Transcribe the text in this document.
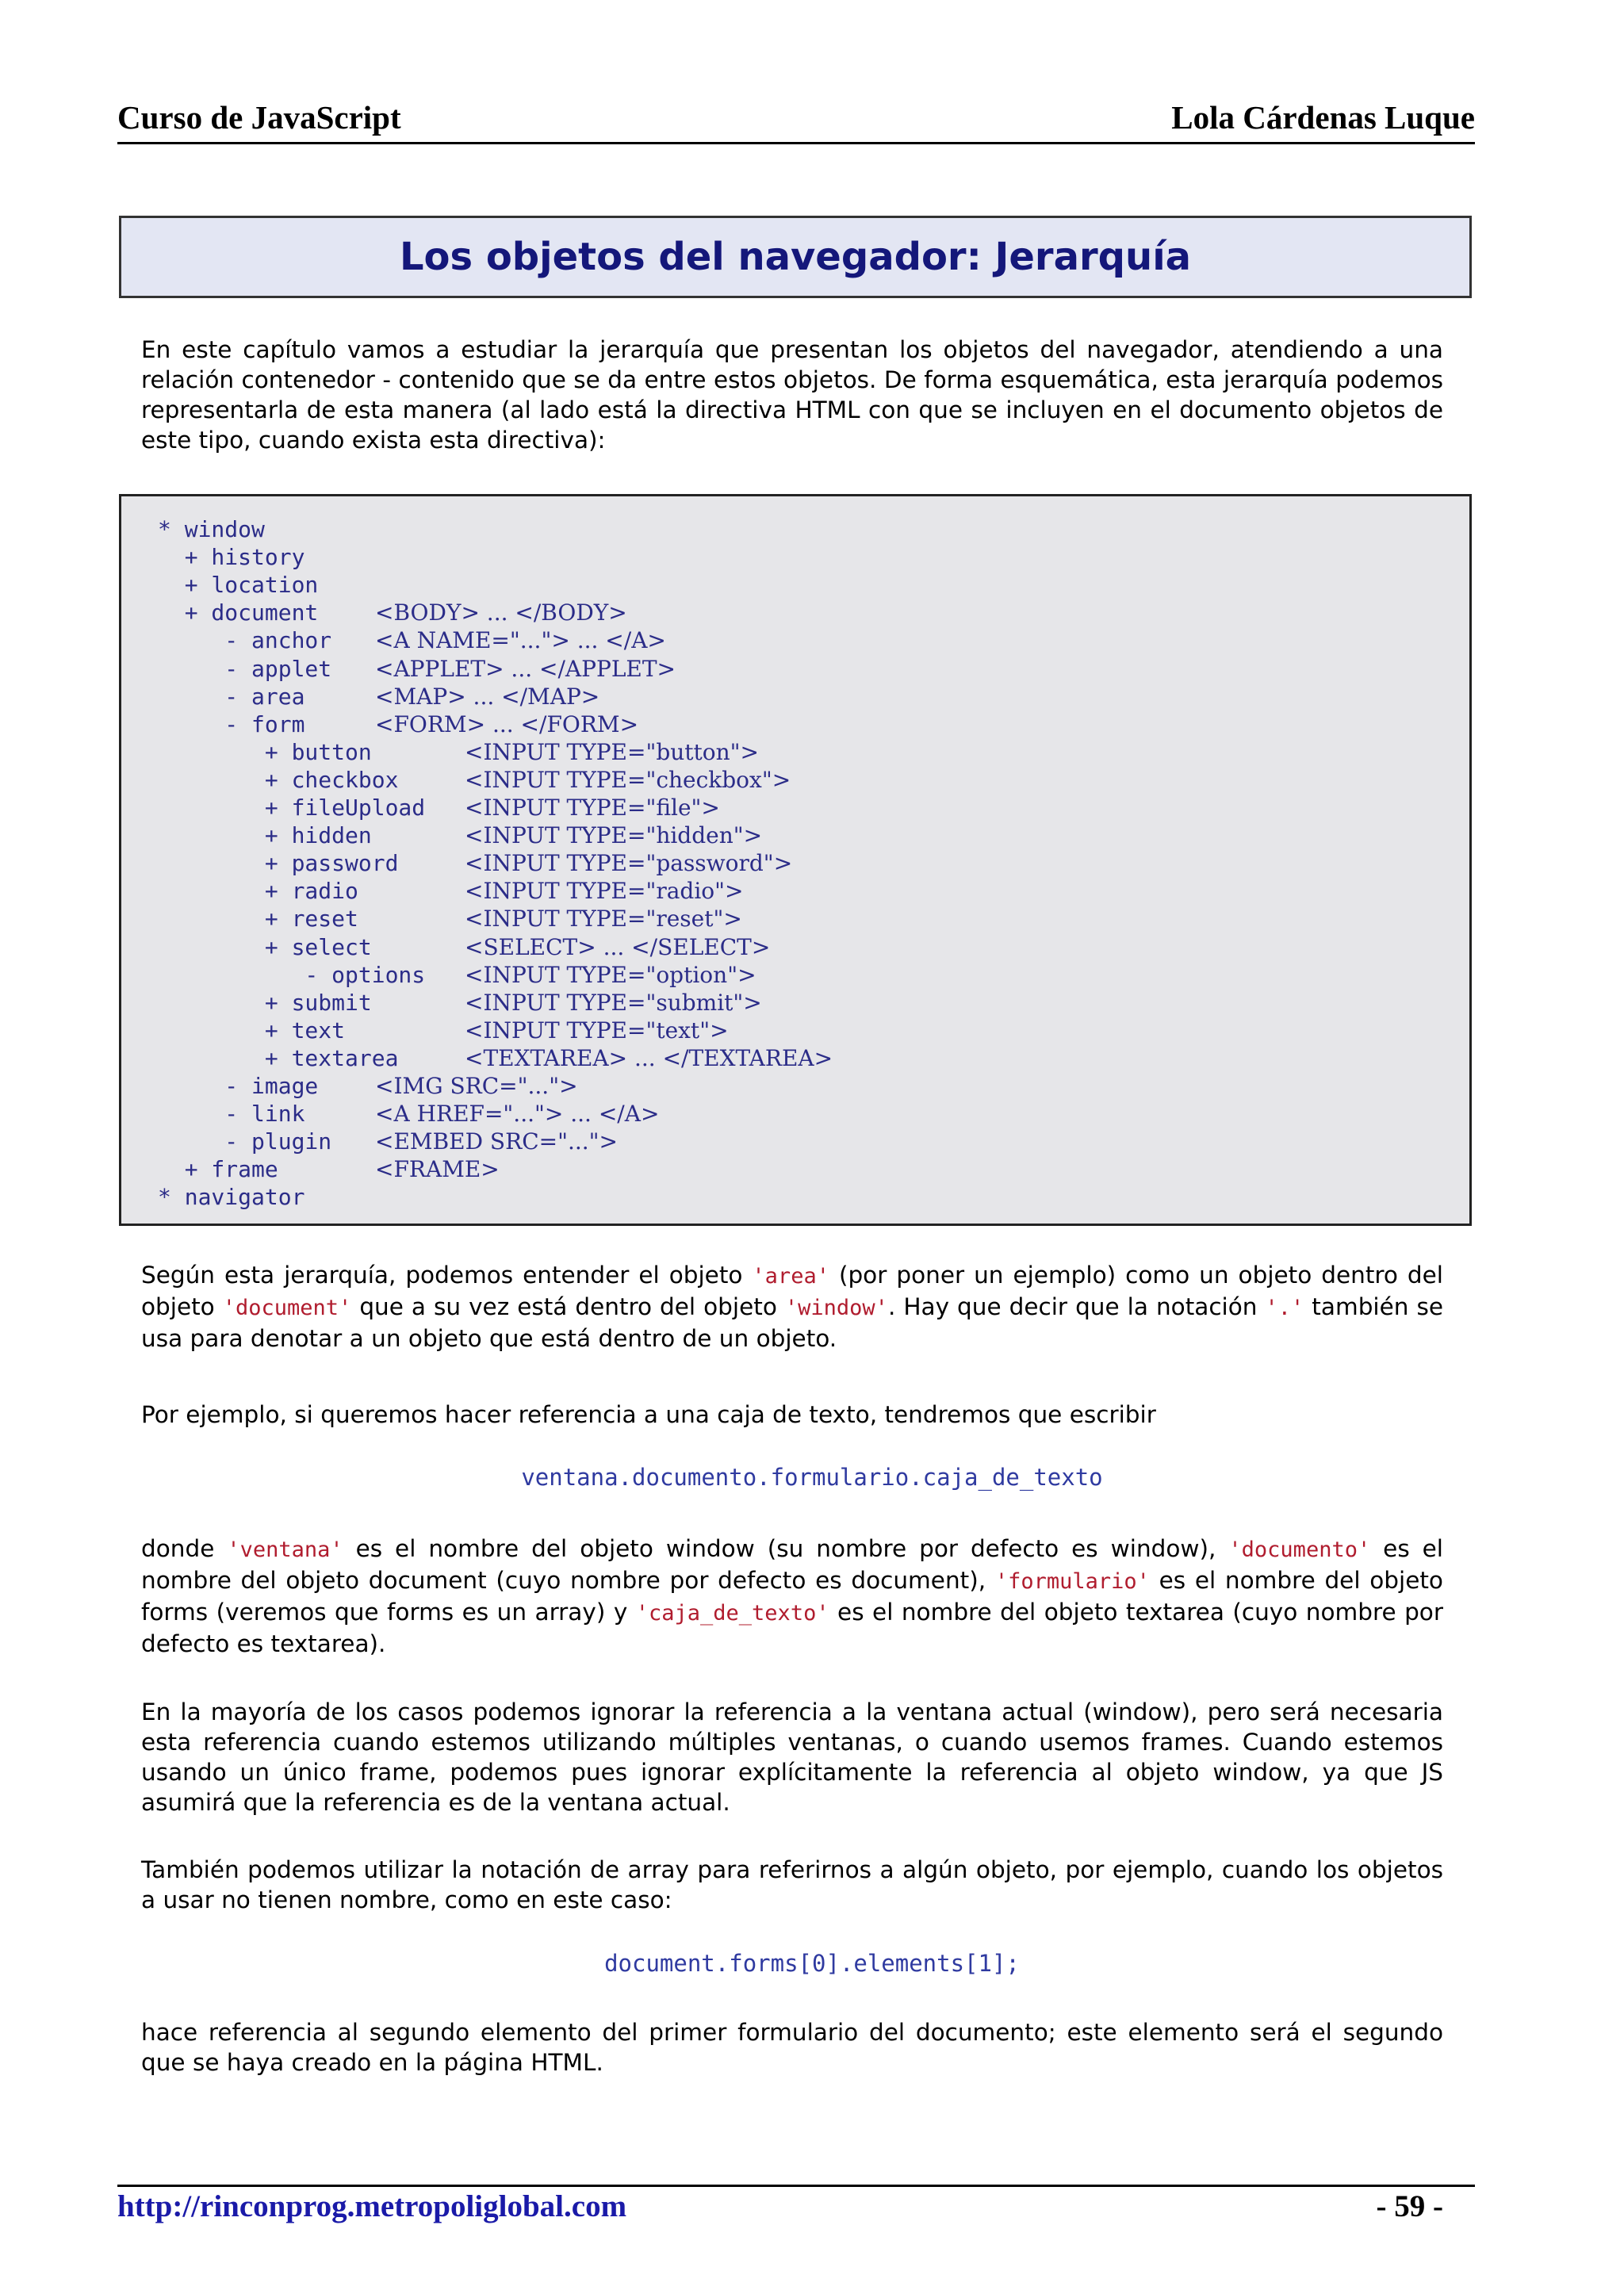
Curso de JavaScript	Lola Cárdenas Luque
Los objetos del navegador: Jerarquía

En este capítulo vamos a estudiar la jerarquía que presentan los objetos del navegador, atendiendo a una relación contenedor - contenido que se da entre estos objetos. De forma esquemática, esta jerarquía podemos representarla de esta manera (al lado está la directiva HTML con que se incluyen en el documento objetos de este tipo, cuando exista esta directiva):

* window
+ history
+ location
+ document	<BODY> ... </BODY>
- anchor <A NAME="..."> ... </A>
- applet <APPLET> ... </APPLET>
- area	<MAP> ... </MAP>
- form	<FORM> ... </FORM>
+ button	<INPUT TYPE="button">
+ checkbox	<INPUT TYPE="checkbox">
+ fileUpload <INPUT TYPE="file">
+ hidden	<INPUT TYPE="hidden">
+ password	<INPUT TYPE="password">
+ radio	<INPUT TYPE="radio">
+ reset	<INPUT TYPE="reset">
+ select	<SELECT> ... </SELECT>
- options <INPUT TYPE="option">
+ submit	<INPUT TYPE="submit">
+ text	<INPUT TYPE="text">
+ textarea	<TEXTAREA> ... </TEXTAREA>
- image	<IMG SRC="...">
- link	<A HREF="..."> ... </A>
- plugin <EMBED SRC="...">
+ frame	<FRAME>
* navigator

Según esta jerarquía, podemos entender el objeto 'area' (por poner un ejemplo) como un objeto dentro del objeto 'document' que a su vez está dentro del objeto 'window'. Hay que decir que la notación '.' también se usa para denotar a un objeto que está dentro de un objeto.

Por ejemplo, si queremos hacer referencia a una caja de texto, tendremos que escribir

ventana.documento.formulario.caja_de_texto

donde 'ventana' es el nombre del objeto window (su nombre por defecto es window), 'documento' es el nombre del objeto document (cuyo nombre por defecto es document), 'formulario' es el nombre del objeto forms (veremos que forms es un array) y 'caja_de_texto' es el nombre del objeto textarea (cuyo nombre por defecto es textarea).

En la mayoría de los casos podemos ignorar la referencia a la ventana actual (window), pero será necesaria esta referencia cuando estemos utilizando múltiples ventanas, o cuando usemos frames. Cuando estemos usando un único frame, podemos pues ignorar explícitamente la referencia al objeto window, ya que JS asumirá que la referencia es de la ventana actual.

También podemos utilizar la notación de array para referirnos a algún objeto, por ejemplo, cuando los objetos a usar no tienen nombre, como en este caso:

document.forms[0].elements[1];

hace referencia al segundo elemento del primer formulario del documento; este elemento será el segundo que se haya creado en la página HTML.

http://rinconprog.metropoliglobal.com	- 59 -
